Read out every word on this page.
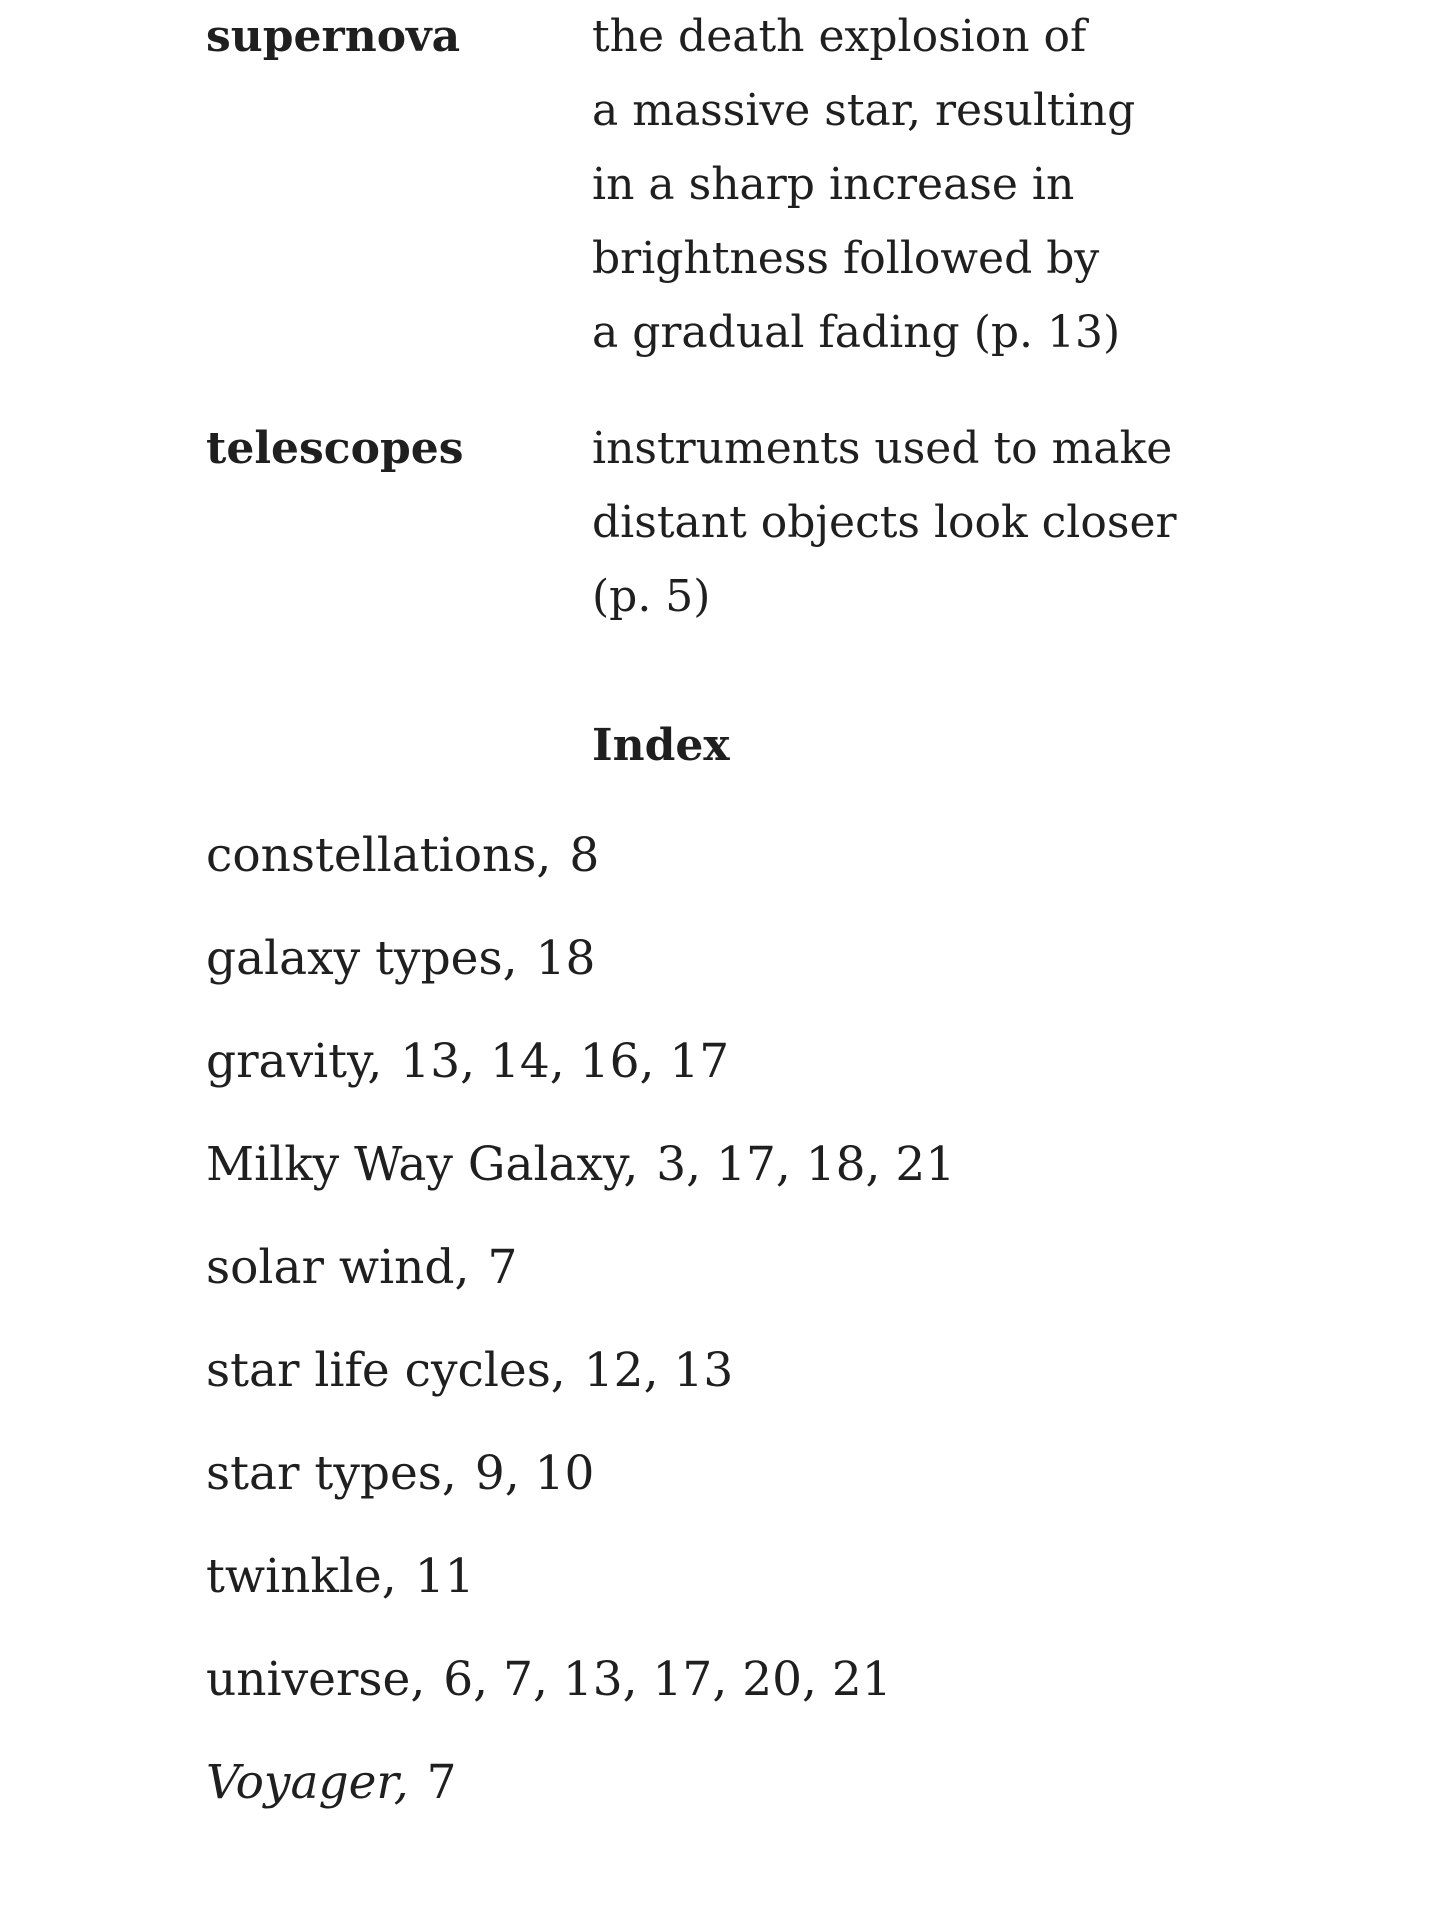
supernova	the death explosion of
a massive star, resulting
in a sharp increase in
brightness followed by
a gradual fading (p. 13)
telescopes	instruments used to make
distant objects look closer
(p. 5)
Index
constellations, 8
galaxy types, 18
gravity, 13, 14, 16, 17
Milky Way Galaxy, 3, 17, 18, 21
solar wind, 7
star life cycles, 12, 13
star types, 9, 10
twinkle, 11
universe, 6, 7, 13, 17, 20, 21
Voyager, 7
